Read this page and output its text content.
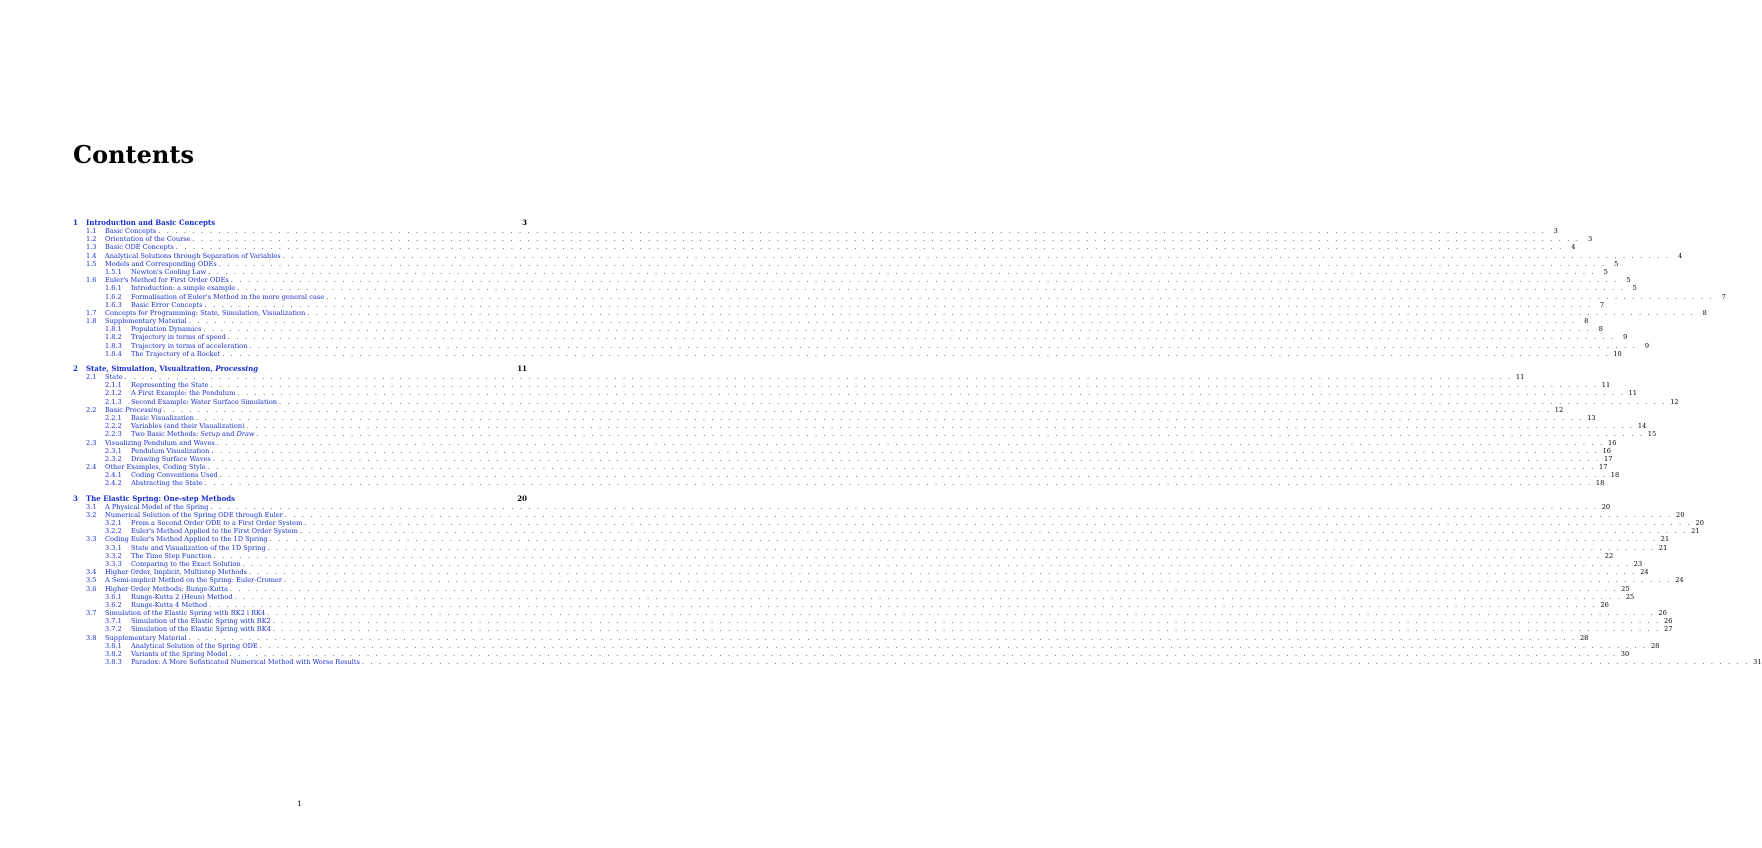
Contents
1	Introduction and Basic Concepts	3
1.1	Basic Concepts . . .	3
1.2	Orientation of the Course . . .	3
1.3	Basic ODE Concepts . . .	4
1.4	Analytical Solutions through Separation of Variables . . .	4
1.5	Models and Corresponding ODEs . . .	5
1.5.1	Newton's Cooling Law . . .	5
1.6	Euler's Method for First Order ODEs . . .	5
1.6.1	Introduction: a simple example . . .	5
1.6.2	Formalisation of Euler's Method in the more general case . . .	7
1.6.3	Basic Error Concepts . . .	7
1.7	Concepts for Programming: State, Simulation, Visualization . . .	8
1.8	Supplementary Material . . .	8
1.8.1	Population Dynamics . . .	8
1.8.2	Trajectory in terms of speed . . .	9
1.8.3	Trajectory in terms of acceleration . . .	9
1.8.4	The Trajectory of a Rocket . . .	10
2	State, Simulation, Visualization, Processing	11
2.1	State . . .	11
2.1.1	Representing the State . . .	11
2.1.2	A First Example: the Pendulum . . .	11
2.1.3	Second Example: Water Surface Simulation . . .	12
2.2	Basic Processing . . .	12
2.2.1	Basic Visualization . . .	13
2.2.2	Variables (and their Visualization) . . .	14
2.2.3	Two Basic Methods: Setup and Draw . . .	15
2.3	Visualizing Pendulum and Waves . . .	16
2.3.1	Pendulum Visualization . . .	16
2.3.2	Drawing Surface Waves . . .	17
2.4	Other Examples, Coding Style . . .	17
2.4.1	Coding Conventions Used . . .	18
2.4.2	Abstracting the State . . .	18
3	The Elastic Spring: One-step Methods	20
3.1	A Physical Model of the Spring . . .	20
3.2	Numerical Solution of the Spring ODE through Euler . . .	20
3.2.1	From a Second Order ODE to a First Order System . . .	20
3.2.2	Euler's Method Applied to the First Order System . . .	21
3.3	Coding Euler's Method Applied to the 1D Spring . . .	21
3.3.1	State and Visualization of the 1D Spring . . .	21
3.3.2	The Time Step Function . . .	22
3.3.3	Comparing to the Exact Solution . . .	23
3.4	Higher Order, Implicit, Multistep Methods . . .	24
3.5	A Semi-implicit Method on the Spring: Euler-Cromer . . .	24
3.6	Higher Order Methods: Runge-Kutta . . .	25
3.6.1	Runge-Kutta 2 (Heun) Method . . .	25
3.6.2	Runge-Kutta 4 Method . . .	26
3.7	Simulation of the Elastic Spring with RK2 i RK4 . . .	26
3.7.1	Simulation of the Elastic Spring with RK2 . . .	26
3.7.2	Simulation of the Elastic Spring with RK4 . . .	27
3.8	Supplementary Material . . .	28
3.8.1	Analytical Solution of the Spring ODE . . .	28
3.8.2	Variants of the Spring Model . . .	30
3.8.3	Paradox: A More Sofisticated Numerical Method with Worse Results . . .	31
1
